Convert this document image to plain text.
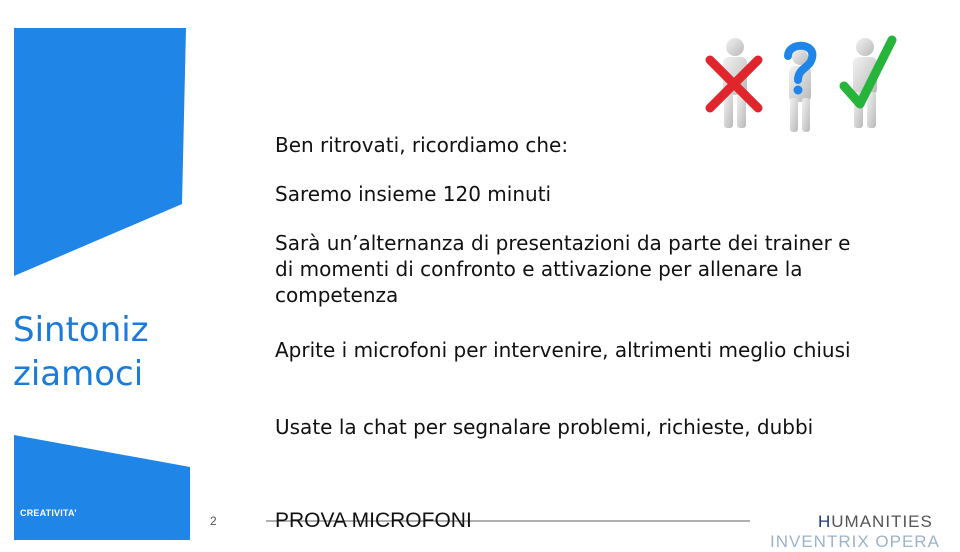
Sintoniz ziamoci
CREATIVITA’
2

Ben ritrovati, ricordiamo che:

Saremo insieme 120 minuti

Sarà un’alternanza di presentazioni da parte dei trainer e di momenti di confronto e attivazione per allenare la competenza

Aprite i microfoni per intervenire, altrimenti meglio chiusi

Usate la chat per segnalare problemi, richieste, dubbi

PROVA MICROFONI	HUMANITIES
INVENTRIX OPERA
